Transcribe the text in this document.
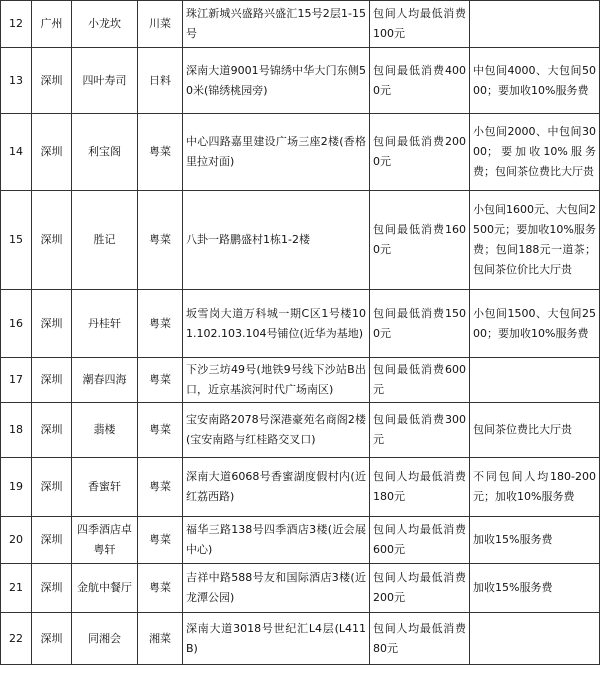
12	广州	小龙坎	川菜	珠江新城兴盛路兴盛汇15号2层1-15号	包间人均最低消费100元	
13	深圳	四叶寿司	日料	深南大道9001号锦绣中华大门东侧50米(锦绣桃园旁)	包间最低消费4000元	中包间4000、大包间5000；要加收10%服务费
14	深圳	利宝阁	粤菜	中心四路嘉里建设广场三座2楼(香格里拉对面)	包间最低消费2000元	小包间2000、中包间3000；要加收10%服务费；包间茶位费比大厅贵
15	深圳	胜记	粤菜	八卦一路鹏盛村1栋1-2楼	包间最低消费1600元	小包间1600元、大包间2500元；要加收10%服务费；包间188元一道茶；包间茶位价比大厅贵
16	深圳	丹桂轩	粤菜	坂雪岗大道万科城一期C区1号楼101.102.103.104号铺位(近华为基地)	包间最低消费1500元	小包间1500、大包间2500；要加收10%服务费
17	深圳	潮春四海	粤菜	下沙三坊49号(地铁9号线下沙站B出口，近京基滨河时代广场南区)	包间最低消费600元	
18	深圳	翡楼	粤菜	宝安南路2078号深港豪苑名商阁2楼(宝安南路与红桂路交叉口)	包间最低消费300元	包间茶位费比大厅贵
19	深圳	香蜜轩	粤菜	深南大道6068号香蜜湖度假村内(近红荔西路)	包间人均最低消费180元	不同包间人均180-200元；加收10%服务费
20	深圳	四季酒店卓粤轩	粤菜	福华三路138号四季酒店3楼(近会展中心)	包间人均最低消费600元	加收15%服务费
21	深圳	金航中餐厅	粤菜	吉祥中路588号友和国际酒店3楼(近龙潭公园)	包间人均最低消费200元	加收15%服务费
22	深圳	同湘会	湘菜	深南大道3018号世纪汇L4层(L411B)	包间人均最低消费80元	
